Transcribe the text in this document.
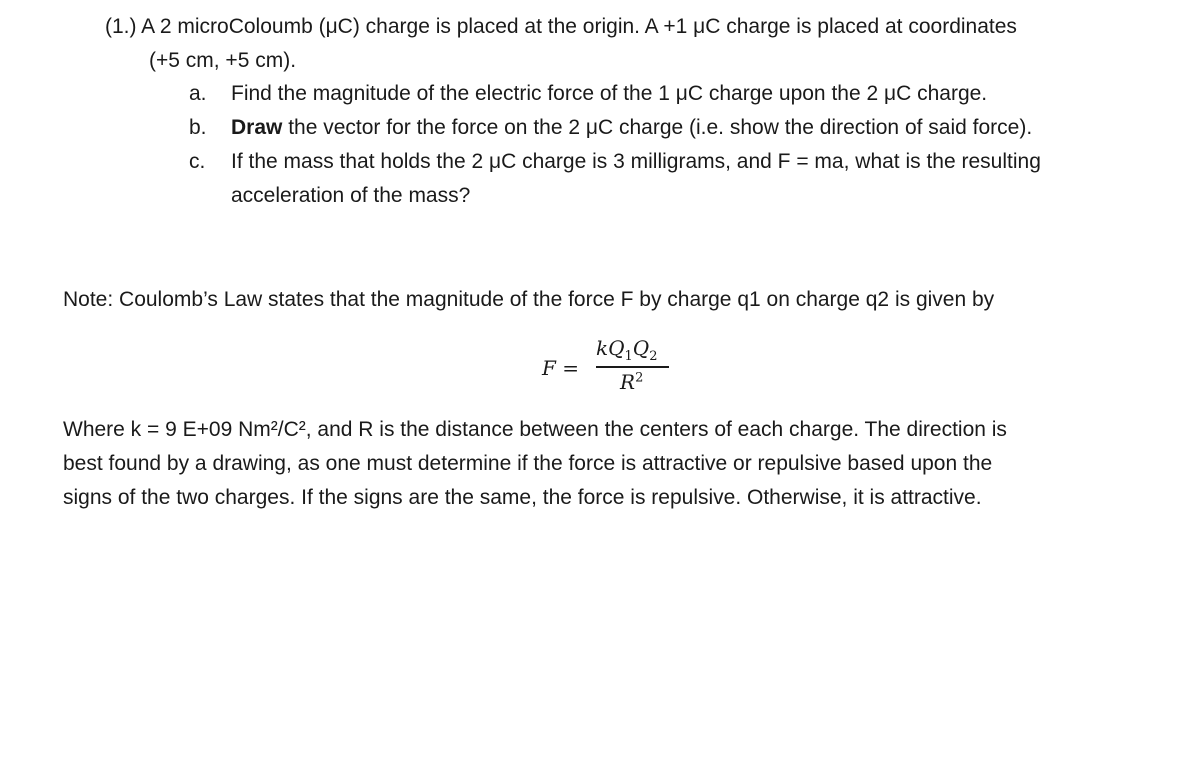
(1.) A 2 microColoumb (μC) charge is placed at the origin. A +1 μC charge is placed at coordinates
(+5 cm, +5 cm).
a. Find the magnitude of the electric force of the 1 μC charge upon the 2 μC charge.
b. Draw the vector for the force on the 2 μC charge (i.e. show the direction of said force).
c. If the mass that holds the 2 μC charge is 3 milligrams, and F = ma, what is the resulting
acceleration of the mass?
Note: Coulomb’s Law states that the magnitude of the force F by charge q1 on charge q2 is given by
F =
$kQ_1Q_2$
$R^2$
Where k = 9 E+09 Nm²/C², and R is the distance between the centers of each charge. The direction is
best found by a drawing, as one must determine if the force is attractive or repulsive based upon the
signs of the two charges. If the signs are the same, the force is repulsive. Otherwise, it is attractive.
